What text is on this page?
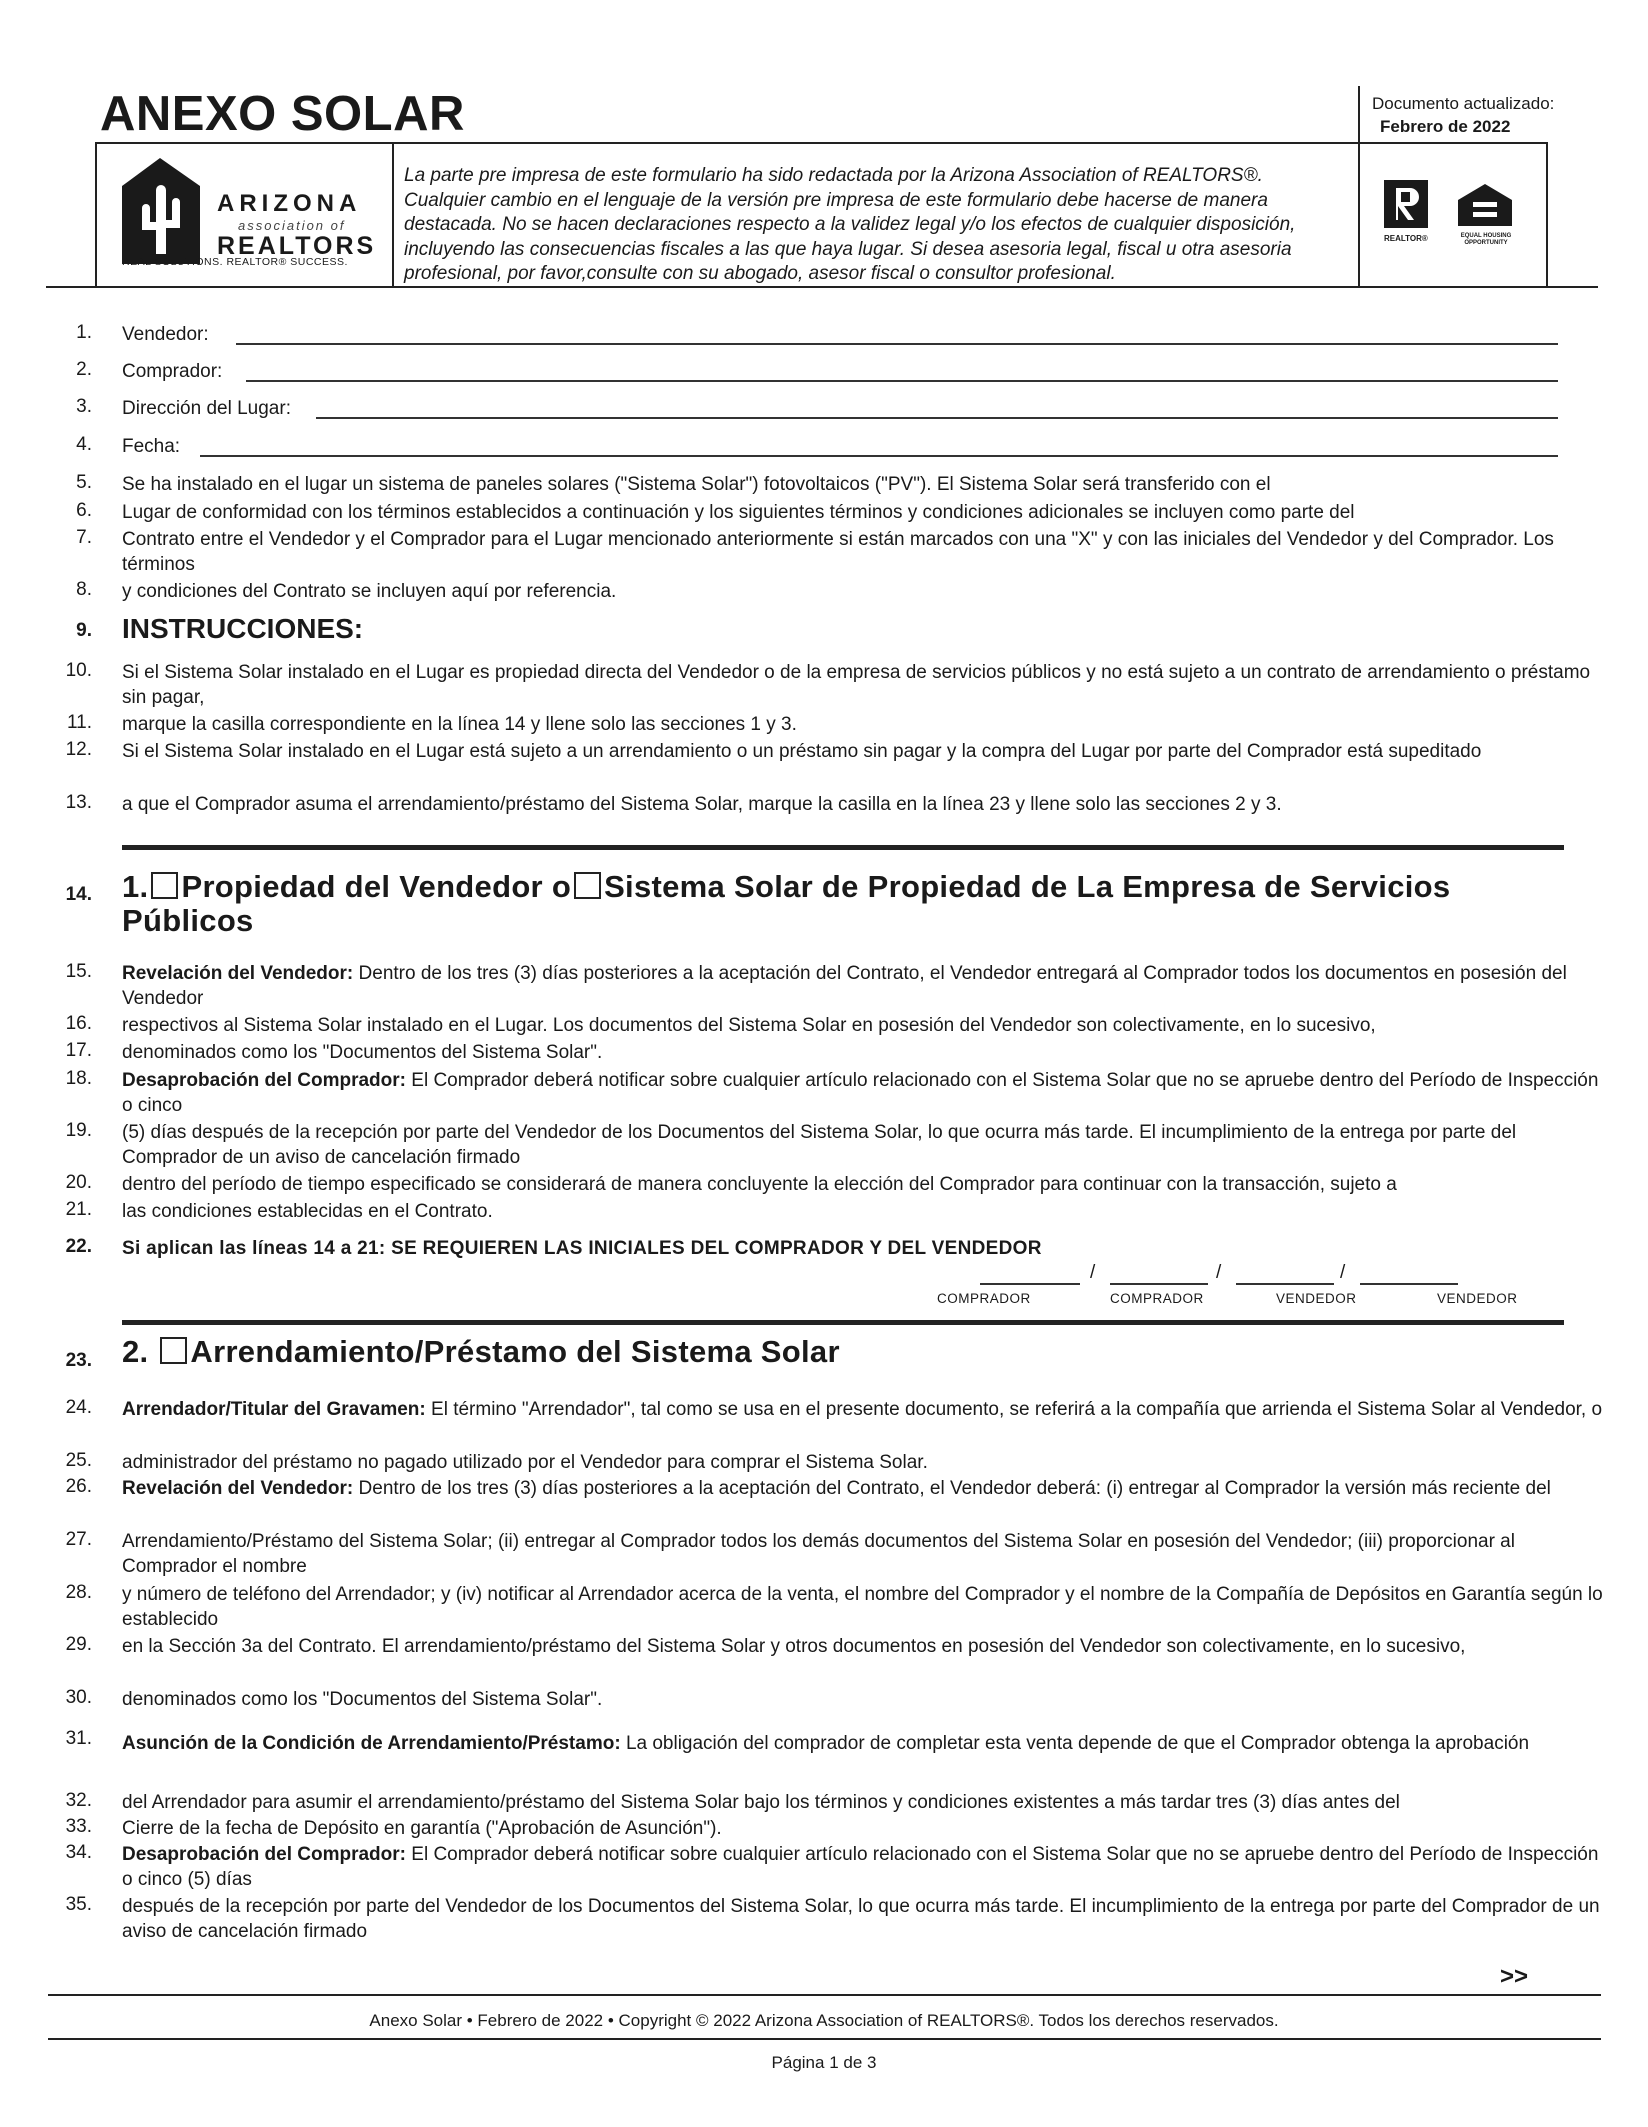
ANEXO SOLAR	Documento actualizado:
Febrero de 2022
ARIZONA
association of
REALTORS
REAL SOLUTIONS. REALTOR® SUCCESS.
La parte pre impresa de este formulario ha sido redactada por la Arizona Association of REALTORS®. Cualquier cambio en el lenguaje de la versión pre impresa de este formulario debe hacerse de manera destacada. No se hacen declaraciones respecto a la validez legal y/o los efectos de cualquier disposición, incluyendo las consecuencias fiscales a las que haya lugar. Si desea asesoria legal, fiscal u otra asesoria profesional, por favor,consulte con su abogado, asesor fiscal o consultor profesional.
REALTOR®	EQUAL HOUSING OPPORTUNITY
1. Vendedor:
2. Comprador:
3. Dirección del Lugar:
4. Fecha:
5. Se ha instalado en el lugar un sistema de paneles solares ("Sistema Solar") fotovoltaicos ("PV"). El Sistema Solar será transferido con el
6. Lugar de conformidad con los términos establecidos a continuación y los siguientes términos y condiciones adicionales se incluyen como parte del
7. Contrato entre el Vendedor y el Comprador para el Lugar mencionado anteriormente si están marcados con una "X" y con las iniciales del Vendedor y del Comprador. Los términos
8. y condiciones del Contrato se incluyen aquí por referencia.
9. INSTRUCCIONES:
10. Si el Sistema Solar instalado en el Lugar es propiedad directa del Vendedor o de la empresa de servicios públicos y no está sujeto a un contrato de arrendamiento o préstamo sin pagar,
11. marque la casilla correspondiente en la línea 14 y llene solo las secciones 1 y 3.
12. Si el Sistema Solar instalado en el Lugar está sujeto a un arrendamiento o un préstamo sin pagar y la compra del Lugar por parte del Comprador está supeditado
13. a que el Comprador asuma el arrendamiento/préstamo del Sistema Solar, marque la casilla en la línea 23 y llene solo las secciones 2 y 3.
14. 1. Propiedad del Vendedor o Sistema Solar de Propiedad de La Empresa de Servicios Públicos
15. Revelación del Vendedor: Dentro de los tres (3) días posteriores a la aceptación del Contrato, el Vendedor entregará al Comprador todos los documentos en posesión del Vendedor
16. respectivos al Sistema Solar instalado en el Lugar. Los documentos del Sistema Solar en posesión del Vendedor son colectivamente, en lo sucesivo,
17. denominados como los "Documentos del Sistema Solar".
18. Desaprobación del Comprador: El Comprador deberá notificar sobre cualquier artículo relacionado con el Sistema Solar que no se apruebe dentro del Período de Inspección o cinco
19. (5) días después de la recepción por parte del Vendedor de los Documentos del Sistema Solar, lo que ocurra más tarde. El incumplimiento de la entrega por parte del Comprador de un aviso de cancelación firmado
20. dentro del período de tiempo especificado se considerará de manera concluyente la elección del Comprador para continuar con la transacción, sujeto a
21. las condiciones establecidas en el Contrato.
22. Si aplican las líneas 14 a 21: SE REQUIEREN LAS INICIALES DEL COMPRADOR Y DEL VENDEDOR
/	/	/
COMPRADOR	COMPRADOR	VENDEDOR	VENDEDOR
23. 2. Arrendamiento/Préstamo del Sistema Solar
24. Arrendador/Titular del Gravamen: El término "Arrendador", tal como se usa en el presente documento, se referirá a la compañía que arrienda el Sistema Solar al Vendedor, o
25. administrador del préstamo no pagado utilizado por el Vendedor para comprar el Sistema Solar.
26. Revelación del Vendedor: Dentro de los tres (3) días posteriores a la aceptación del Contrato, el Vendedor deberá: (i) entregar al Comprador la versión más reciente del
27. Arrendamiento/Préstamo del Sistema Solar; (ii) entregar al Comprador todos los demás documentos del Sistema Solar en posesión del Vendedor; (iii) proporcionar al Comprador el nombre
28. y número de teléfono del Arrendador; y (iv) notificar al Arrendador acerca de la venta, el nombre del Comprador y el nombre de la Compañía de Depósitos en Garantía según lo establecido
29. en la Sección 3a del Contrato. El arrendamiento/préstamo del Sistema Solar y otros documentos en posesión del Vendedor son colectivamente, en lo sucesivo,
30. denominados como los "Documentos del Sistema Solar".
31. Asunción de la Condición de Arrendamiento/Préstamo: La obligación del comprador de completar esta venta depende de que el Comprador obtenga la aprobación
32. del Arrendador para asumir el arrendamiento/préstamo del Sistema Solar bajo los términos y condiciones existentes a más tardar tres (3) días antes del
33. Cierre de la fecha de Depósito en garantía ("Aprobación de Asunción").
34. Desaprobación del Comprador: El Comprador deberá notificar sobre cualquier artículo relacionado con el Sistema Solar que no se apruebe dentro del Período de Inspección o cinco (5) días
35. después de la recepción por parte del Vendedor de los Documentos del Sistema Solar, lo que ocurra más tarde. El incumplimiento de la entrega por parte del Comprador de un aviso de cancelación firmado
>>
Anexo Solar • Febrero de 2022 • Copyright © 2022 Arizona Association of REALTORS®. Todos los derechos reservados.
Página 1 de 3
